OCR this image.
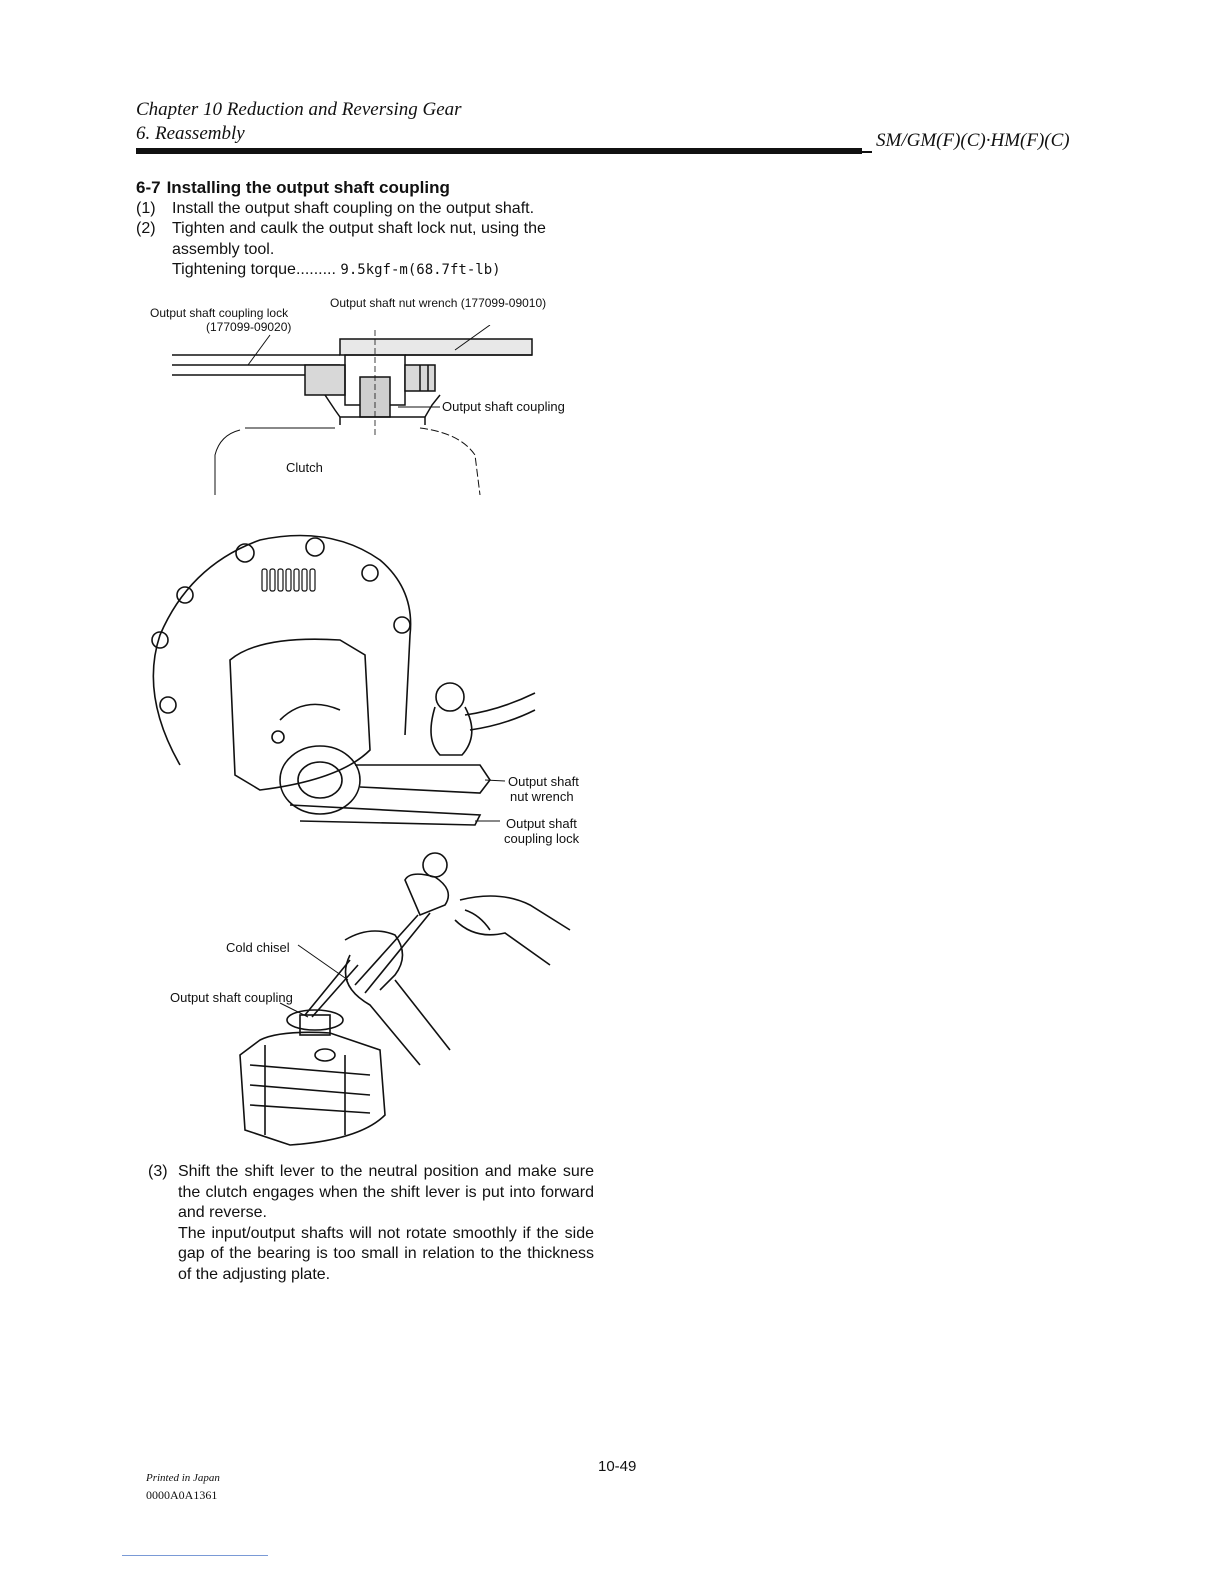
Chapter 10 Reduction and Reversing Gear
6. Reassembly	SM/GM(F)(C)·HM(F)(C)
6-7 Installing the output shaft coupling
(1) Install the output shaft coupling on the output shaft.
(2) Tighten and caulk the output shaft lock nut, using the
assembly tool.
Tightening torque......... 9.5kgf-m(68.7ft-lb)
Output shaft coupling lock
(177099-09020)
Output shaft nut wrench (177099-09010)
Output shaft coupling
Clutch
Output shaft
nut wrench
Output shaft
coupling lock
Cold chisel
Output shaft coupling
(3) Shift the shift lever to the neutral position and make sure the clutch engages when the shift lever is put into forward and reverse.
The input/output shafts will not rotate smoothly if the side gap of the bearing is too small in relation to the thickness of the adjusting plate.
10-49
Printed in Japan
0000A0A1361
